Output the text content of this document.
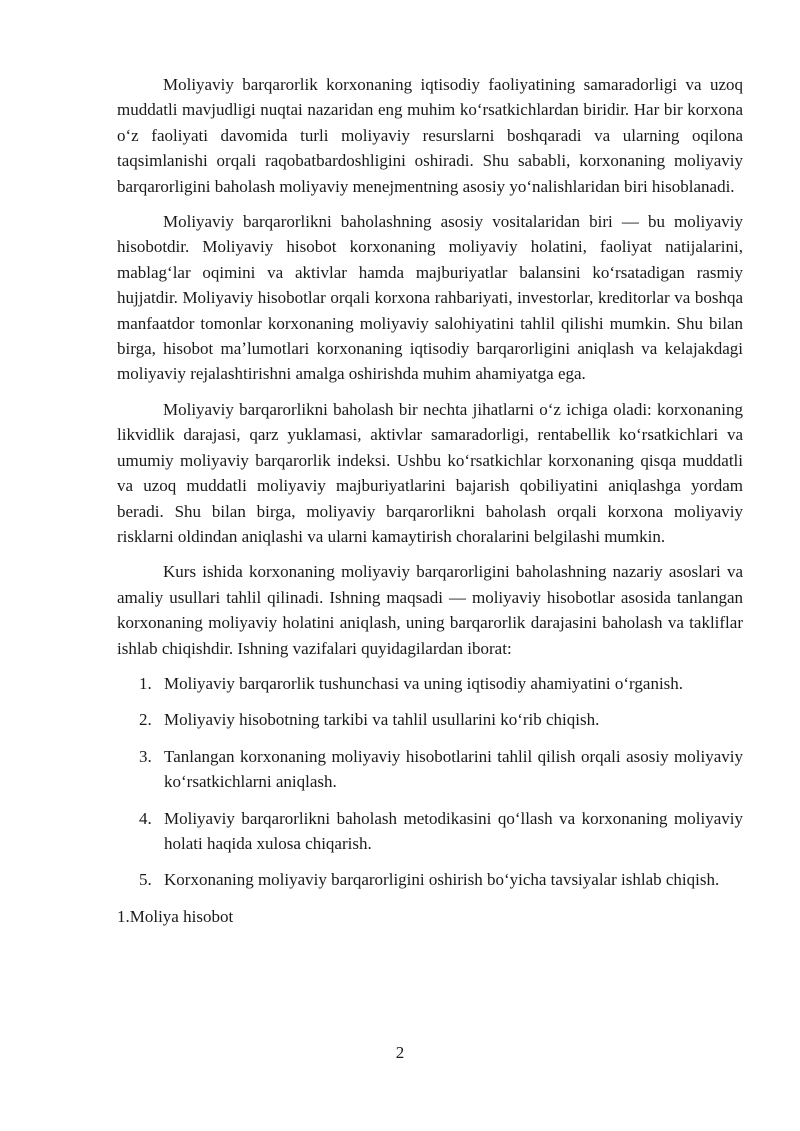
Moliyaviy barqarorlik korxonaning iqtisodiy faoliyatining samaradorligi va uzoq muddatli mavjudligi nuqtai nazaridan eng muhim koʻrsatkichlardan biridir. Har bir korxona oʻz faoliyati davomida turli moliyaviy resurslarni boshqaradi va ularning oqilona taqsimlanishi orqali raqobatbardoshligini oshiradi. Shu sababli, korxonaning moliyaviy barqarorligini baholash moliyaviy menejmentning asosiy yoʻnalishlaridan biri hisoblanadi.

Moliyaviy barqarorlikni baholashning asosiy vositalaridan biri — bu moliyaviy hisobotdir. Moliyaviy hisobot korxonaning moliyaviy holatini, faoliyat natijalarini, mablagʻlar oqimini va aktivlar hamda majburiyatlar balansini koʻrsatadigan rasmiy hujjatdir. Moliyaviy hisobotlar orqali korxona rahbariyati, investorlar, kreditorlar va boshqa manfaatdor tomonlar korxonaning moliyaviy salohiyatini tahlil qilishi mumkin. Shu bilan birga, hisobot maʼlumotlari korxonaning iqtisodiy barqarorligini aniqlash va kelajakdagi moliyaviy rejalashtirishni amalga oshirishda muhim ahamiyatga ega.

Moliyaviy barqarorlikni baholash bir nechta jihatlarni oʻz ichiga oladi: korxonaning likvidlik darajasi, qarz yuklamasi, aktivlar samaradorligi, rentabellik koʻrsatkichlari va umumiy moliyaviy barqarorlik indeksi. Ushbu koʻrsatkichlar korxonaning qisqa muddatli va uzoq muddatli moliyaviy majburiyatlarini bajarish qobiliyatini aniqlashga yordam beradi. Shu bilan birga, moliyaviy barqarorlikni baholash orqali korxona moliyaviy risklarni oldindan aniqlashi va ularni kamaytirish choralarini belgilashi mumkin.

Kurs ishida korxonaning moliyaviy barqarorligini baholashning nazariy asoslari va amaliy usullari tahlil qilinadi. Ishning maqsadi — moliyaviy hisobotlar asosida tanlangan korxonaning moliyaviy holatini aniqlash, uning barqarorlik darajasini baholash va takliflar ishlab chiqishdir. Ishning vazifalari quyidagilardan iborat:

1. Moliyaviy barqarorlik tushunchasi va uning iqtisodiy ahamiyatini oʻrganish.
2. Moliyaviy hisobotning tarkibi va tahlil usullarini koʻrib chiqish.
3. Tanlangan korxonaning moliyaviy hisobotlarini tahlil qilish orqali asosiy moliyaviy koʻrsatkichlarni aniqlash.
4. Moliyaviy barqarorlikni baholash metodikasini qoʻllash va korxonaning moliyaviy holati haqida xulosa chiqarish.
5. Korxonaning moliyaviy barqarorligini oshirish boʻyicha tavsiyalar ishlab chiqish.
1.Moliya hisobot
2
